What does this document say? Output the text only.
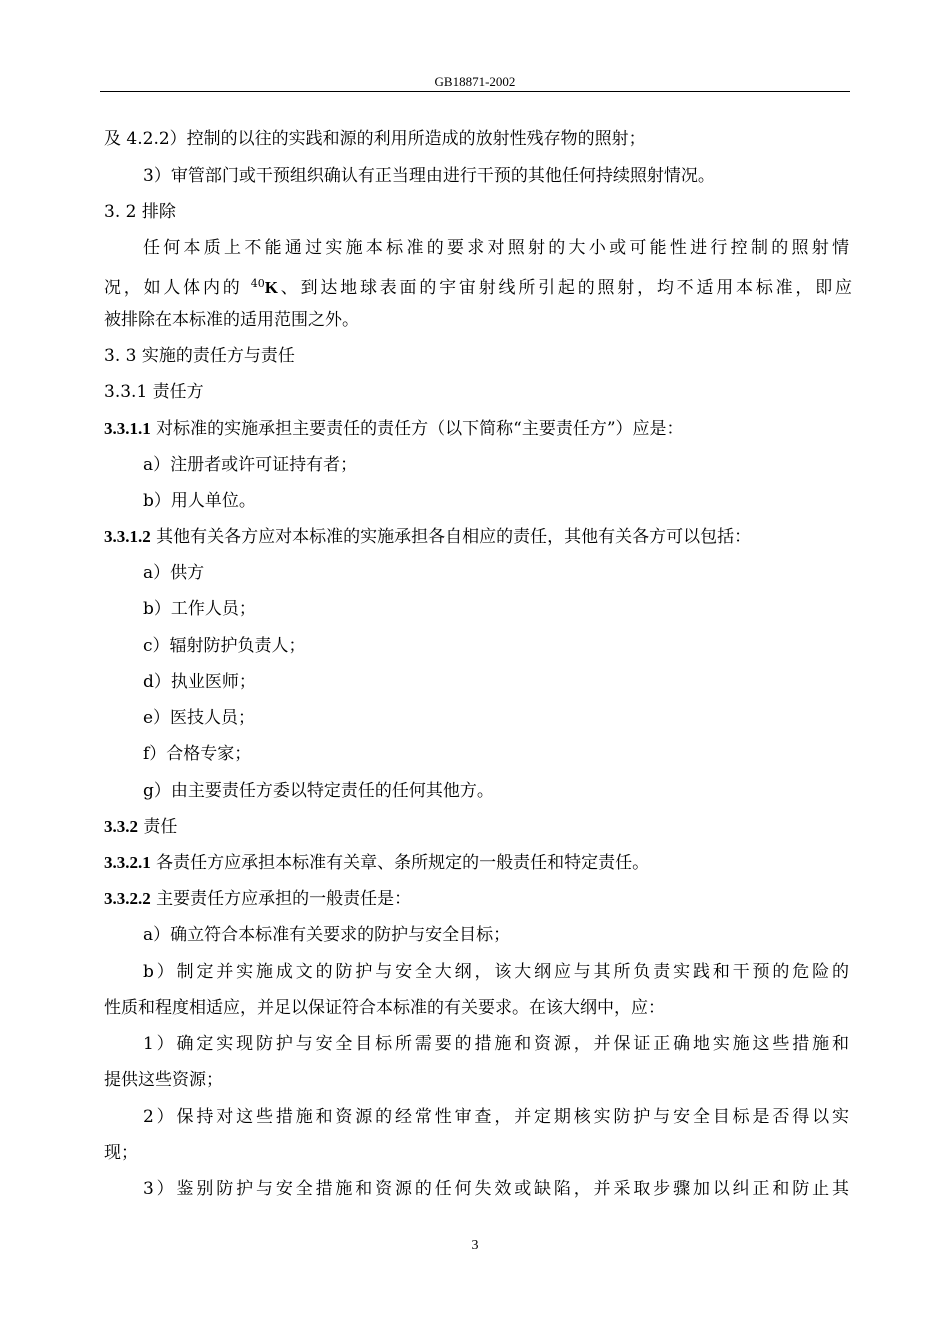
GB18871-2002
及 4.2.2）控制的以往的实践和源的利用所造成的放射性残存物的照射；
3）审管部门或干预组织确认有正当理由进行干预的其他任何持续照射情况。
3. 2 排除
任何本质上不能通过实施本标准的要求对照射的大小或可能性进行控制的照射情
况，如人体内的 $^{40}$K、到达地球表面的宇宙射线所引起的照射，均不适用本标准，即应
被排除在本标准的适用范围之外。
3. 3 实施的责任方与责任
3.3.1 责任方
3.3.1.1 对标准的实施承担主要责任的责任方（以下简称“主要责任方”）应是：
a）注册者或许可证持有者；
b）用人单位。
3.3.1.2 其他有关各方应对本标准的实施承担各自相应的责任，其他有关各方可以包括：
a）供方
b）工作人员；
c）辐射防护负责人；
d）执业医师；
e）医技人员；
f）合格专家；
g）由主要责任方委以特定责任的任何其他方。
3.3.2 责任
3.3.2.1 各责任方应承担本标准有关章、条所规定的一般责任和特定责任。
3.3.2.2 主要责任方应承担的一般责任是：
a）确立符合本标准有关要求的防护与安全目标；
b）制定并实施成文的防护与安全大纲，该大纲应与其所负责实践和干预的危险的
性质和程度相适应，并足以保证符合本标准的有关要求。在该大纲中，应：
1）确定实现防护与安全目标所需要的措施和资源，并保证正确地实施这些措施和
提供这些资源；
2）保持对这些措施和资源的经常性审查，并定期核实防护与安全目标是否得以实
现；
3）鉴别防护与安全措施和资源的任何失效或缺陷，并采取步骤加以纠正和防止其
3
